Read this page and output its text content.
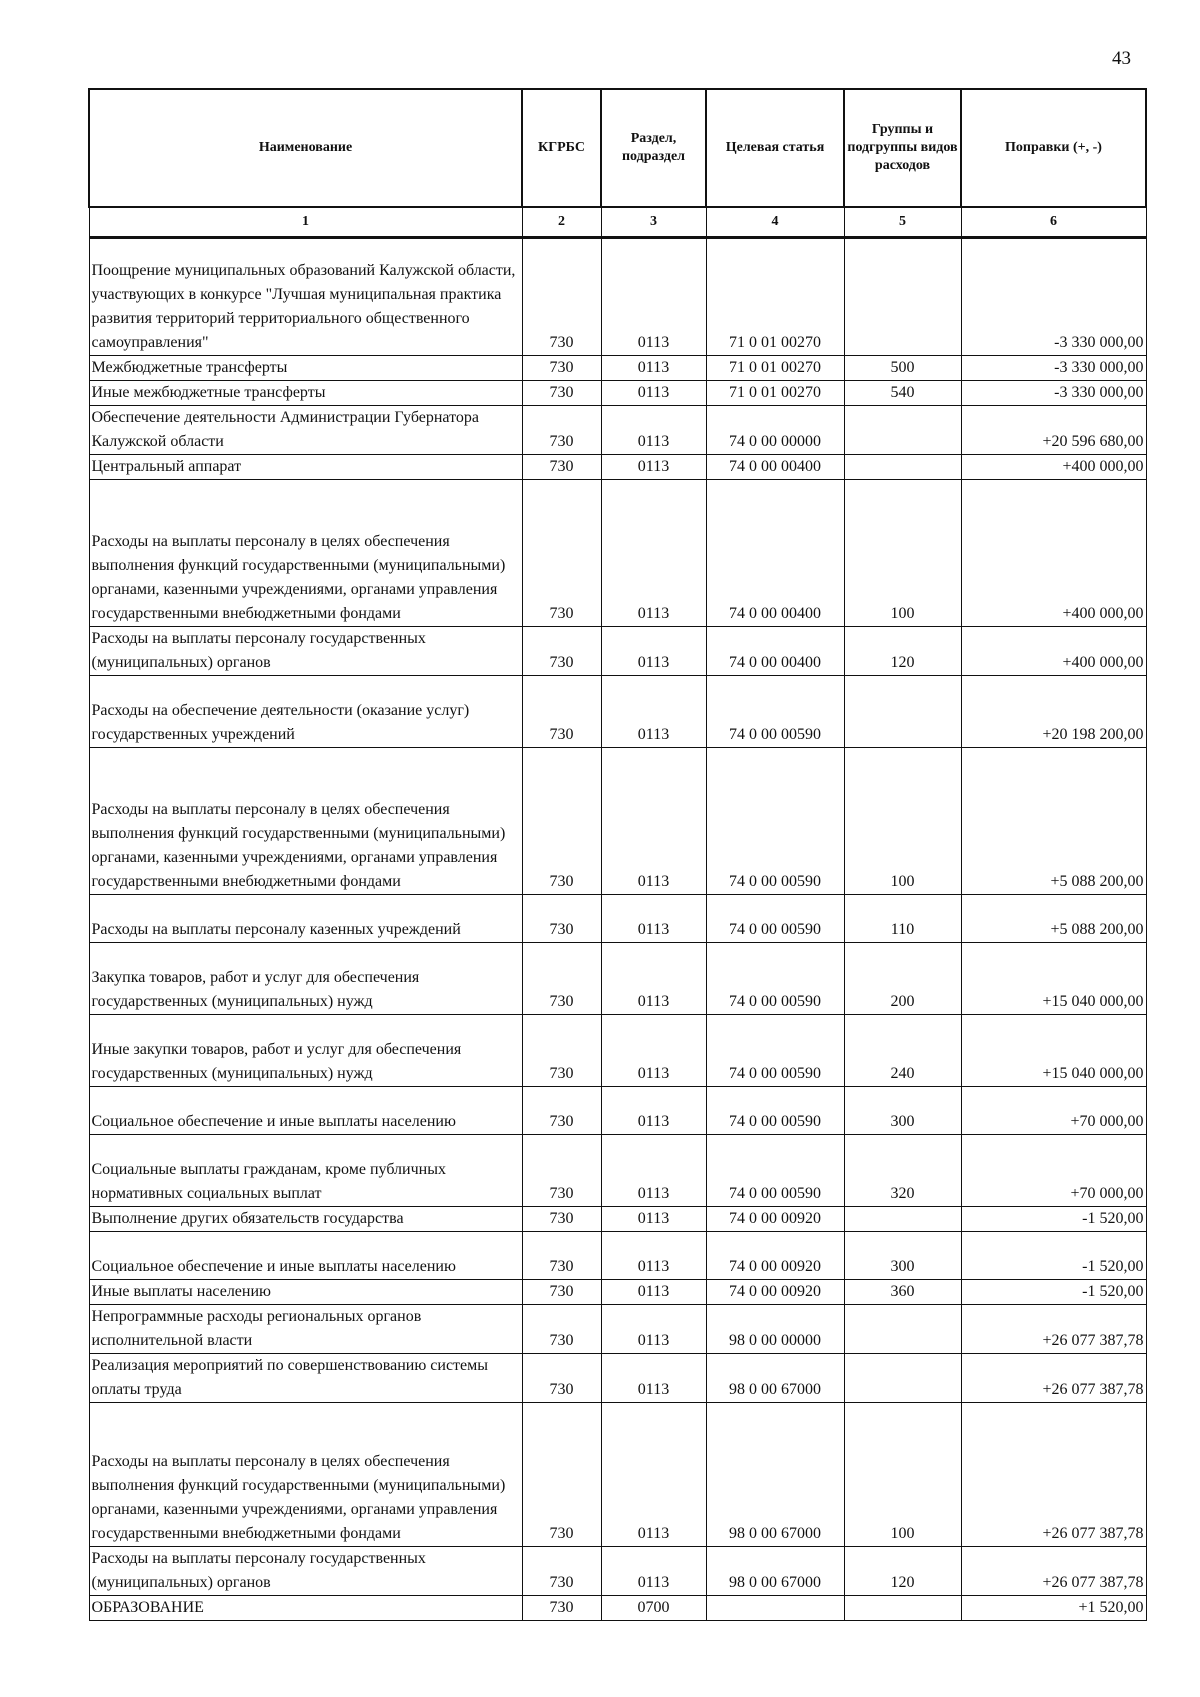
43
Наименование	КГРБС	Раздел, подраздел	Целевая статья	Группы и подгруппы видов расходов	Поправки (+, -)
1	2	3	4	5	6
Поощрение муниципальных образований Калужской области, участвующих в конкурсе "Лучшая муниципальная практика развития территорий территориального общественного самоуправления"	730	0113	71 0 01 00270		-3 330 000,00
Межбюджетные трансферты	730	0113	71 0 01 00270	500	-3 330 000,00
Иные межбюджетные трансферты	730	0113	71 0 01 00270	540	-3 330 000,00
Обеспечение деятельности Администрации Губернатора Калужской области	730	0113	74 0 00 00000		+20 596 680,00
Центральный аппарат	730	0113	74 0 00 00400		+400 000,00
Расходы на выплаты персоналу в целях обеспечения выполнения функций государственными (муниципальными) органами, казенными учреждениями, органами управления государственными внебюджетными фондами	730	0113	74 0 00 00400	100	+400 000,00
Расходы на выплаты персоналу государственных (муниципальных) органов	730	0113	74 0 00 00400	120	+400 000,00
Расходы на обеспечение деятельности (оказание услуг) государственных учреждений	730	0113	74 0 00 00590		+20 198 200,00
Расходы на выплаты персоналу в целях обеспечения выполнения функций государственными (муниципальными) органами, казенными учреждениями, органами управления государственными внебюджетными фондами	730	0113	74 0 00 00590	100	+5 088 200,00
Расходы на выплаты персоналу казенных учреждений	730	0113	74 0 00 00590	110	+5 088 200,00
Закупка товаров, работ и услуг для обеспечения государственных (муниципальных) нужд	730	0113	74 0 00 00590	200	+15 040 000,00
Иные закупки товаров, работ и услуг для обеспечения государственных (муниципальных) нужд	730	0113	74 0 00 00590	240	+15 040 000,00
Социальное обеспечение и иные выплаты населению	730	0113	74 0 00 00590	300	+70 000,00
Социальные выплаты гражданам, кроме публичных нормативных социальных выплат	730	0113	74 0 00 00590	320	+70 000,00
Выполнение других обязательств государства	730	0113	74 0 00 00920		-1 520,00
Социальное обеспечение и иные выплаты населению	730	0113	74 0 00 00920	300	-1 520,00
Иные выплаты населению	730	0113	74 0 00 00920	360	-1 520,00
Непрограммные расходы региональных органов исполнительной власти	730	0113	98 0 00 00000		+26 077 387,78
Реализация мероприятий по совершенствованию системы оплаты труда	730	0113	98 0 00 67000		+26 077 387,78
Расходы на выплаты персоналу в целях обеспечения выполнения функций государственными (муниципальными) органами, казенными учреждениями, органами управления государственными внебюджетными фондами	730	0113	98 0 00 67000	100	+26 077 387,78
Расходы на выплаты персоналу государственных (муниципальных) органов	730	0113	98 0 00 67000	120	+26 077 387,78
ОБРАЗОВАНИЕ	730	0700			+1 520,00
